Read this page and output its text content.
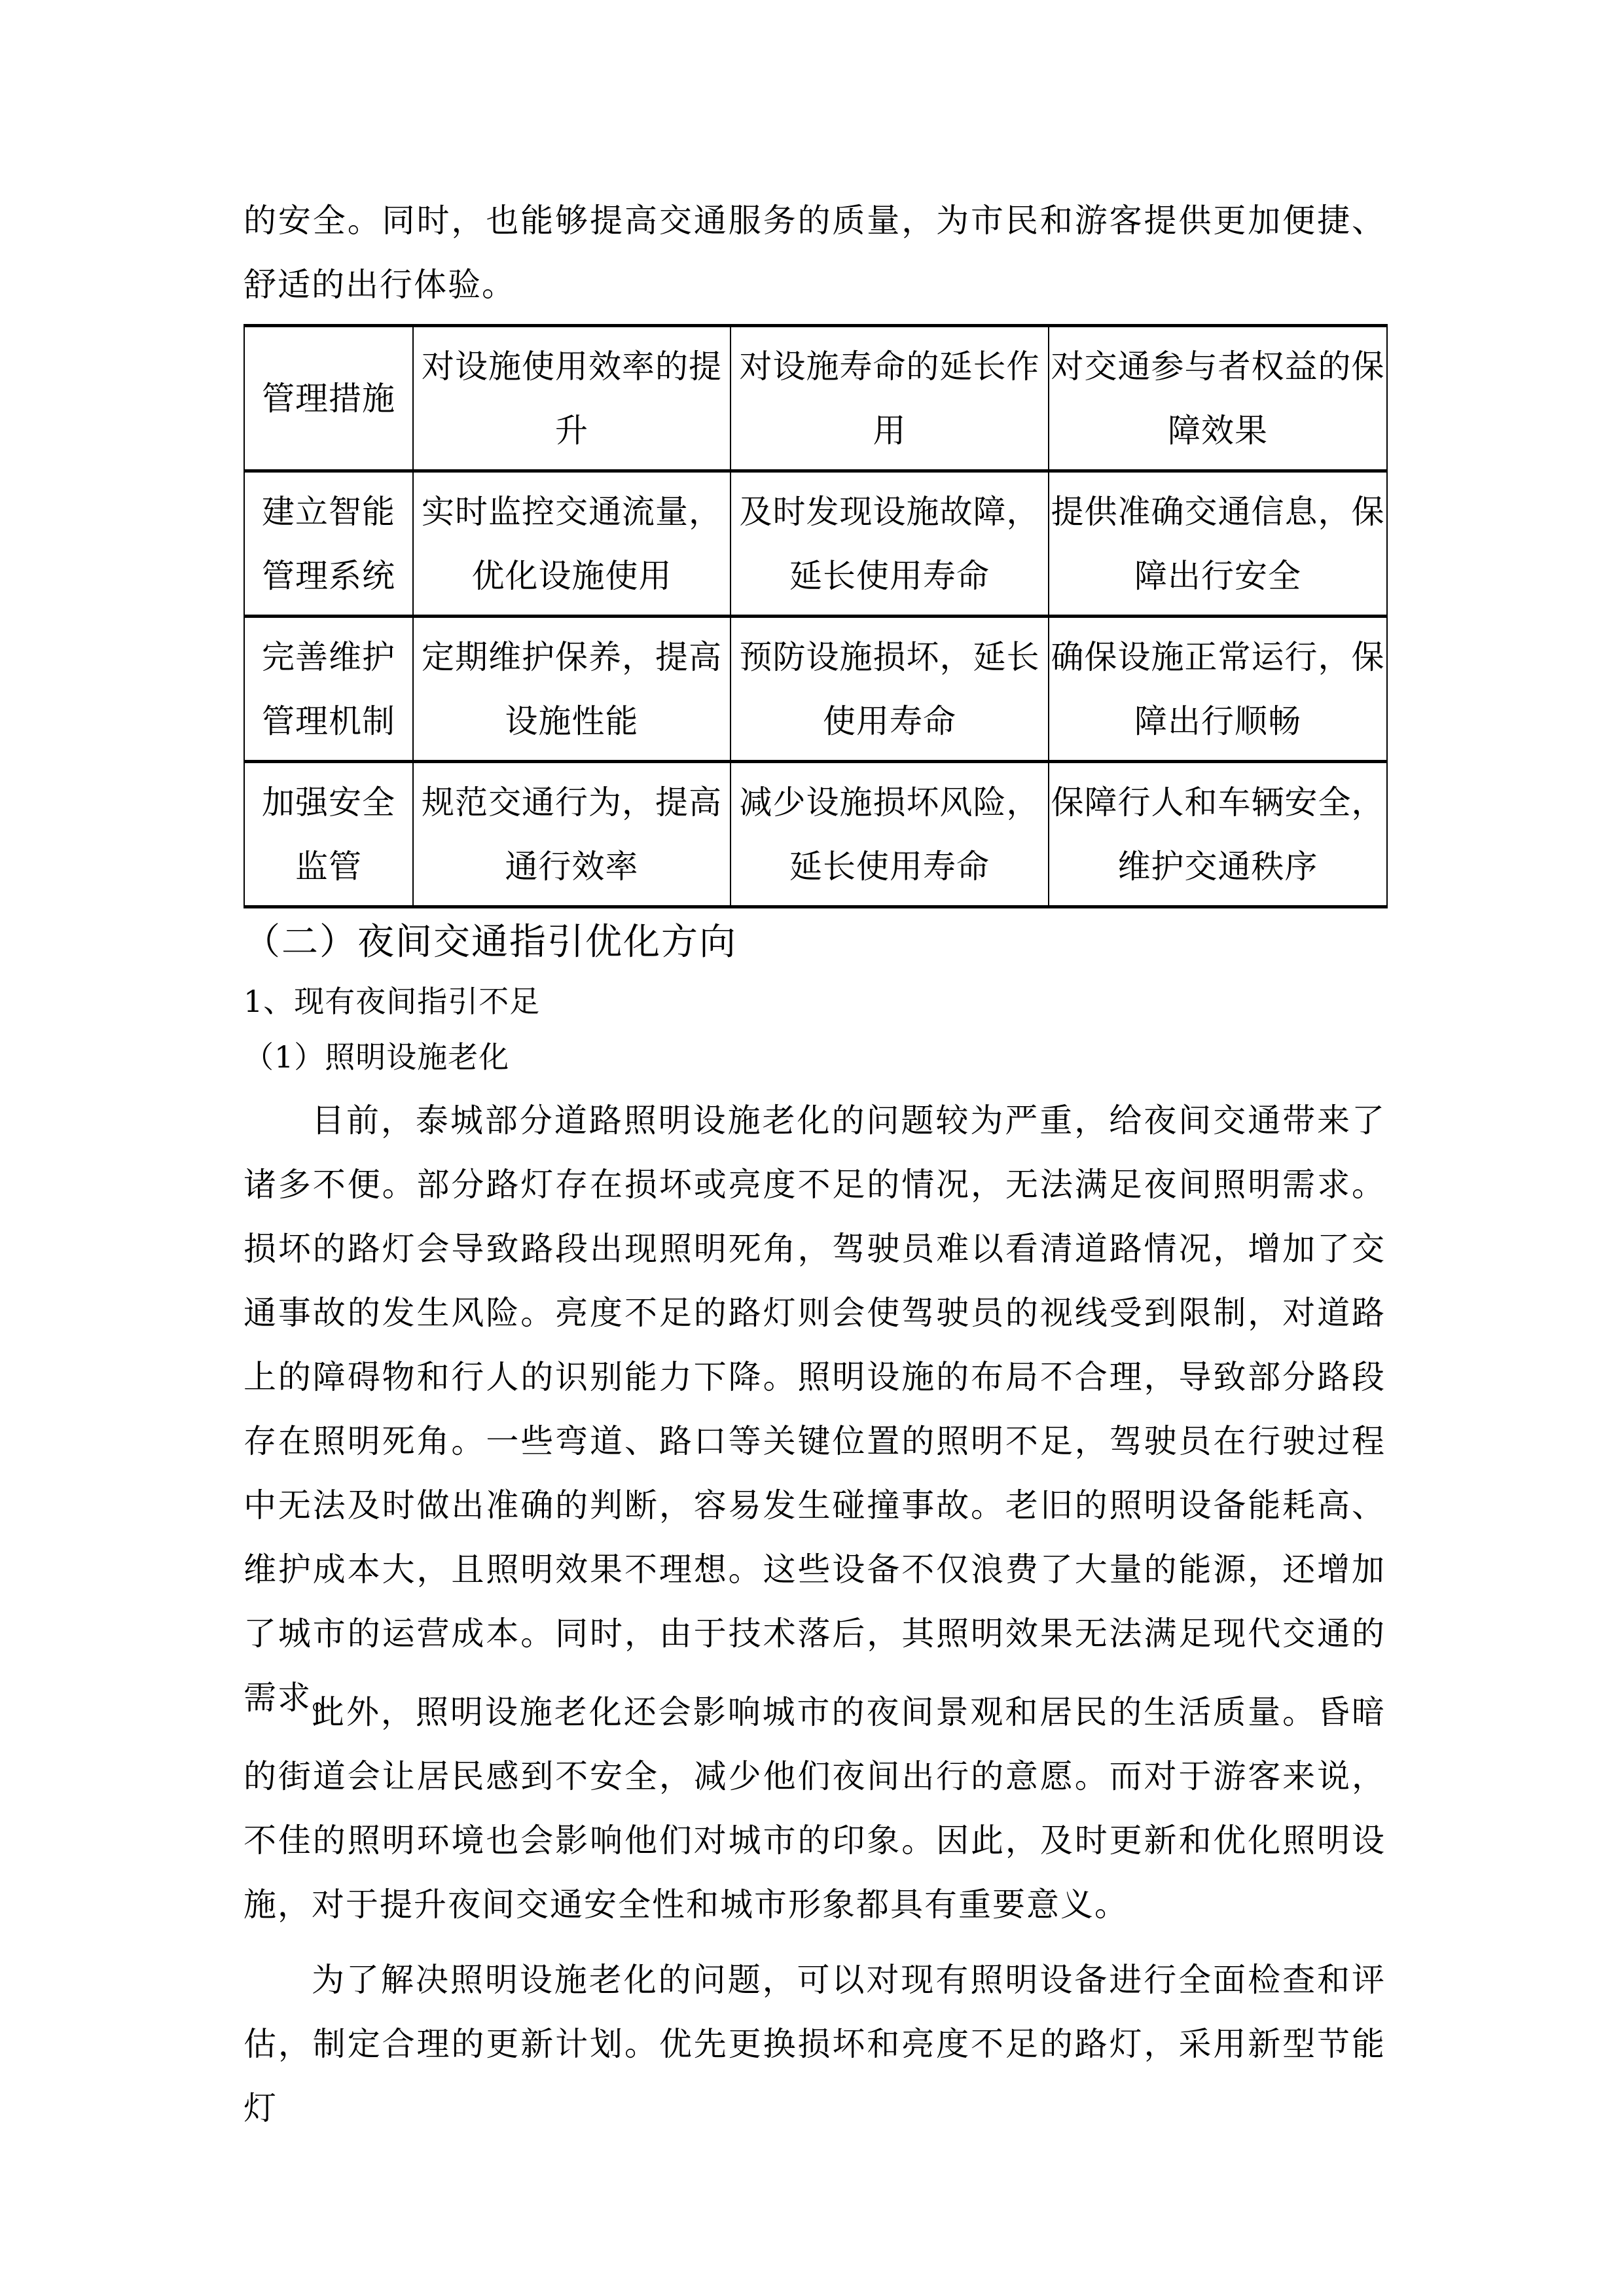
的安全。同时，也能够提高交通服务的质量，为市民和游客提供更加便捷、舒适的出行体验。
管理措施	对设施使用效率的提升	对设施寿命的延长作用	对交通参与者权益的保障效果
建立智能管理系统	实时监控交通流量，优化设施使用	及时发现设施故障，延长使用寿命	提供准确交通信息，保障出行安全
完善维护管理机制	定期维护保养，提高设施性能	预防设施损坏，延长使用寿命	确保设施正常运行，保障出行顺畅
加强安全监管	规范交通行为，提高通行效率	减少设施损坏风险，延长使用寿命	保障行人和车辆安全，维护交通秩序
（二）夜间交通指引优化方向
1、现有夜间指引不足
（1）照明设施老化
目前，泰城部分道路照明设施老化的问题较为严重，给夜间交通带来了诸多不便。部分路灯存在损坏或亮度不足的情况，无法满足夜间照明需求。损坏的路灯会导致路段出现照明死角，驾驶员难以看清道路情况，增加了交通事故的发生风险。亮度不足的路灯则会使驾驶员的视线受到限制，对道路上的障碍物和行人的识别能力下降。照明设施的布局不合理，导致部分路段存在照明死角。一些弯道、路口等关键位置的照明不足，驾驶员在行驶过程中无法及时做出准确的判断，容易发生碰撞事故。老旧的照明设备能耗高、维护成本大，且照明效果不理想。这些设备不仅浪费了大量的能源，还增加了城市的运营成本。同时，由于技术落后，其照明效果无法满足现代交通的需求。
此外，照明设施老化还会影响城市的夜间景观和居民的生活质量。昏暗的街道会让居民感到不安全，减少他们夜间出行的意愿。而对于游客来说，不佳的照明环境也会影响他们对城市的印象。因此，及时更新和优化照明设施，对于提升夜间交通安全性和城市形象都具有重要意义。
为了解决照明设施老化的问题，可以对现有照明设备进行全面检查和评估，制定合理的更新计划。优先更换损坏和亮度不足的路灯，采用新型节能灯
